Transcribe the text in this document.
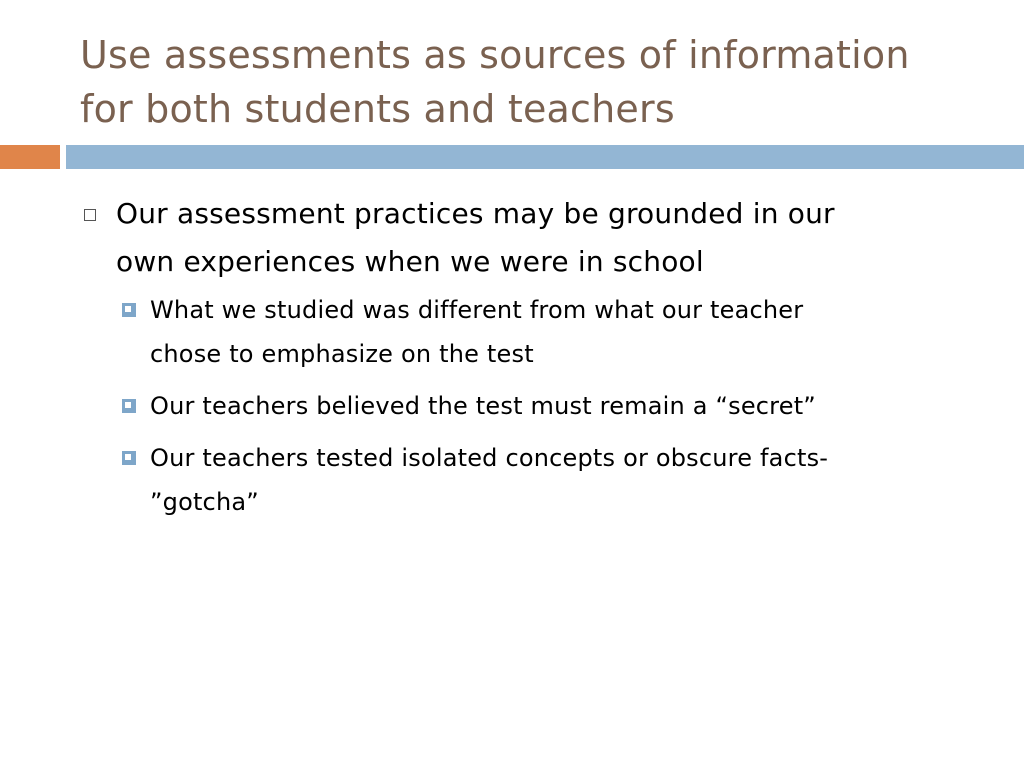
Use assessments as sources of information
for both students and teachers
Our assessment practices may be grounded in our
own experiences when we were in school
What we studied was different from what our teacher
chose to emphasize on the test
Our teachers believed the test must remain a “secret”
Our teachers tested isolated concepts or obscure facts-
”gotcha”
